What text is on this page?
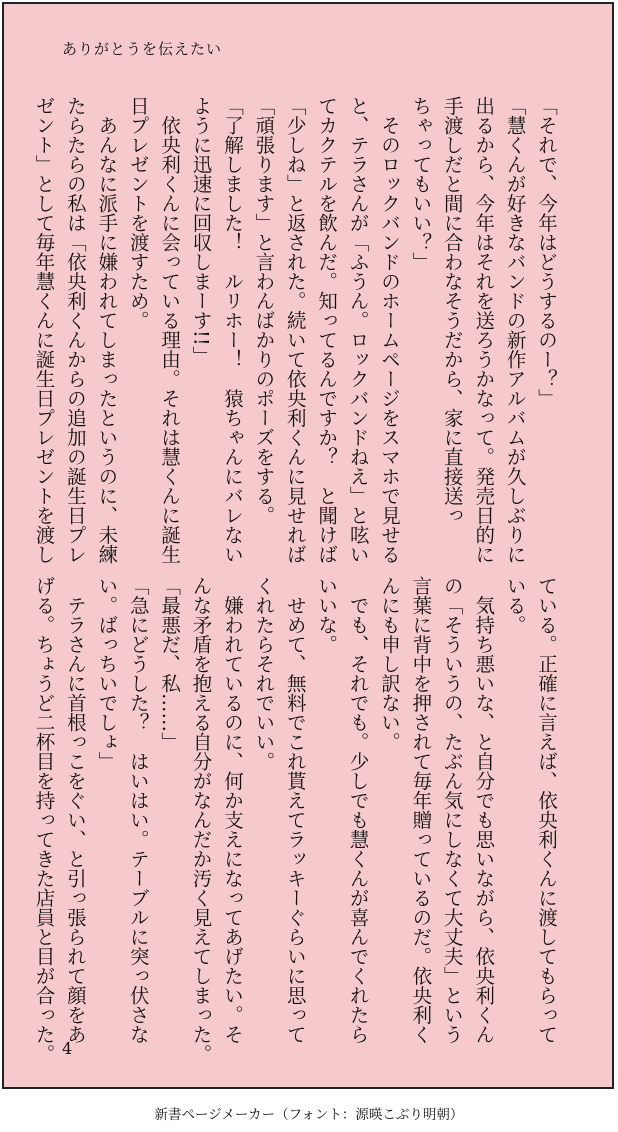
ありがとうを伝えたい
「それで、今年はどうするのー？」
「慧くんが好きなバンドの新作アルバムが久しぶりに
出るから、今年はそれを送ろうかなって。発売日的に
手渡しだと間に合わなそうだから、家に直接送っ
ちゃってもいい？」
　そのロックバンドのホームページをスマホで見せる
と、テラさんが「ふうん。ロックバンドねえ」と呟い
てカクテルを飲んだ。知ってるんですか？　と聞けば
「少しね」と返された。続いて依央利くんに見せれば
「頑張ります」と言わんばかりのポーズをする。
「了解しました！　ルリホー！　猿ちゃんにバレない
ように迅速に回収しまーす!!」
　依央利くんに会っている理由。それは慧くんに誕生
日プレゼントを渡すため。
　あんなに派手に嫌われてしまったというのに、未練
たらたらの私は「依央利くんからの追加の誕生日プレ
ゼント」として毎年慧くんに誕生日プレゼントを渡し
ている。正確に言えば、依央利くんに渡してもらって
いる。
　気持ち悪いな、と自分でも思いながら、依央利くん
の「そういうの、たぶん気にしなくて大丈夫」という
言葉に背中を押されて毎年贈っているのだ。依央利く
んにも申し訳ない。
　でも、それでも。少しでも慧くんが喜んでくれたら
いいな。
　せめて、無料でこれ貰えてラッキーぐらいに思って
くれたらそれでいい。
　嫌われているのに、何か支えになってあげたい。そ
んな矛盾を抱える自分がなんだか汚く見えてしまった。
「最悪だ、私……」
「急にどうした？　はいはい。テーブルに突っ伏さな
い。ばっちいでしょ」
　テラさんに首根っこをぐい、と引っ張られて顔をあ
げる。ちょうど二杯目を持ってきた店員と目が合った。 4
新書ページメーカー（フォント：源暎こぶり明朝）
